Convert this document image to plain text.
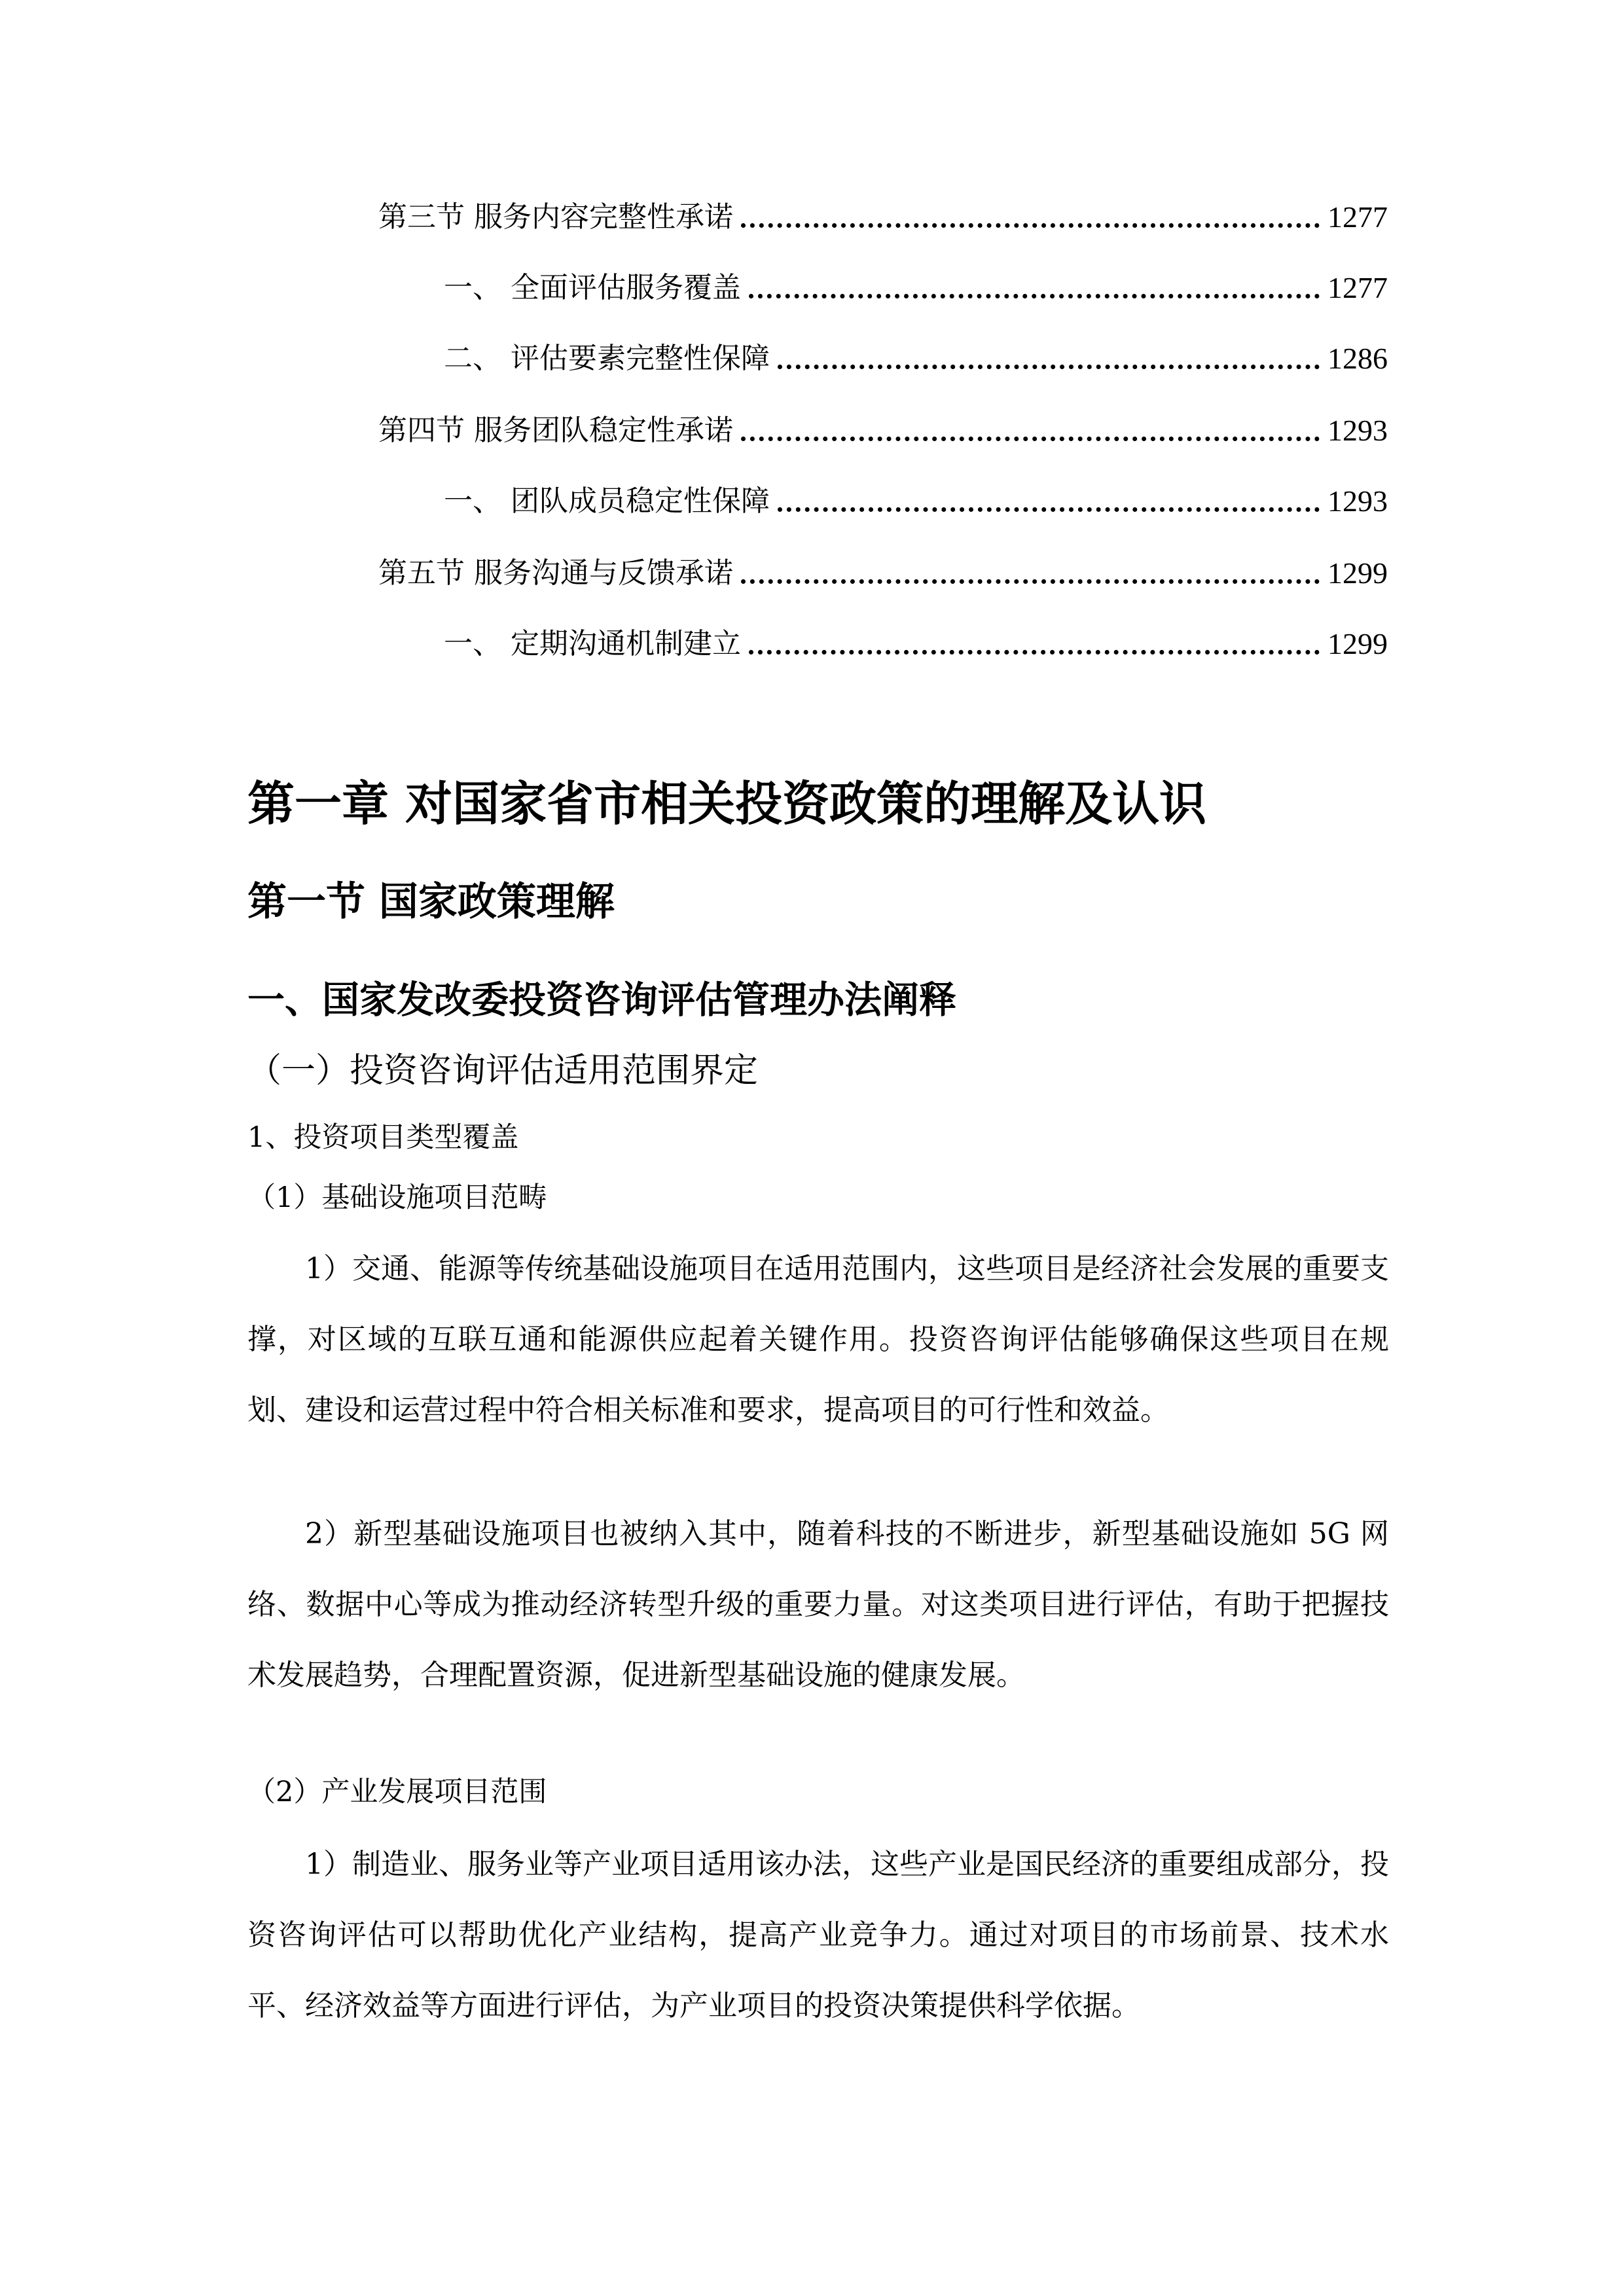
第三节 服务内容完整性承诺	1277
一、 全面评估服务覆盖	1277
二、 评估要素完整性保障	1286
第四节 服务团队稳定性承诺	1293
一、 团队成员稳定性保障	1293
第五节 服务沟通与反馈承诺	1299
一、 定期沟通机制建立	1299
第一章 对国家省市相关投资政策的理解及认识
第一节 国家政策理解
一、国家发改委投资咨询评估管理办法阐释
（一）投资咨询评估适用范围界定
1、投资项目类型覆盖
（1）基础设施项目范畴

1）交通、能源等传统基础设施项目在适用范围内，这些项目是经济社会发展的重要支撑，对区域的互联互通和能源供应起着关键作用。投资咨询评估能够确保这些项目在规划、建设和运营过程中符合相关标准和要求，提高项目的可行性和效益。

2）新型基础设施项目也被纳入其中，随着科技的不断进步，新型基础设施如 5G 网络、数据中心等成为推动经济转型升级的重要力量。对这类项目进行评估，有助于把握技术发展趋势，合理配置资源，促进新型基础设施的健康发展。

（2）产业发展项目范围

1）制造业、服务业等产业项目适用该办法，这些产业是国民经济的重要组成部分，投资咨询评估可以帮助优化产业结构，提高产业竞争力。通过对项目的市场前景、技术水平、经济效益等方面进行评估，为产业项目的投资决策提供科学依据。
